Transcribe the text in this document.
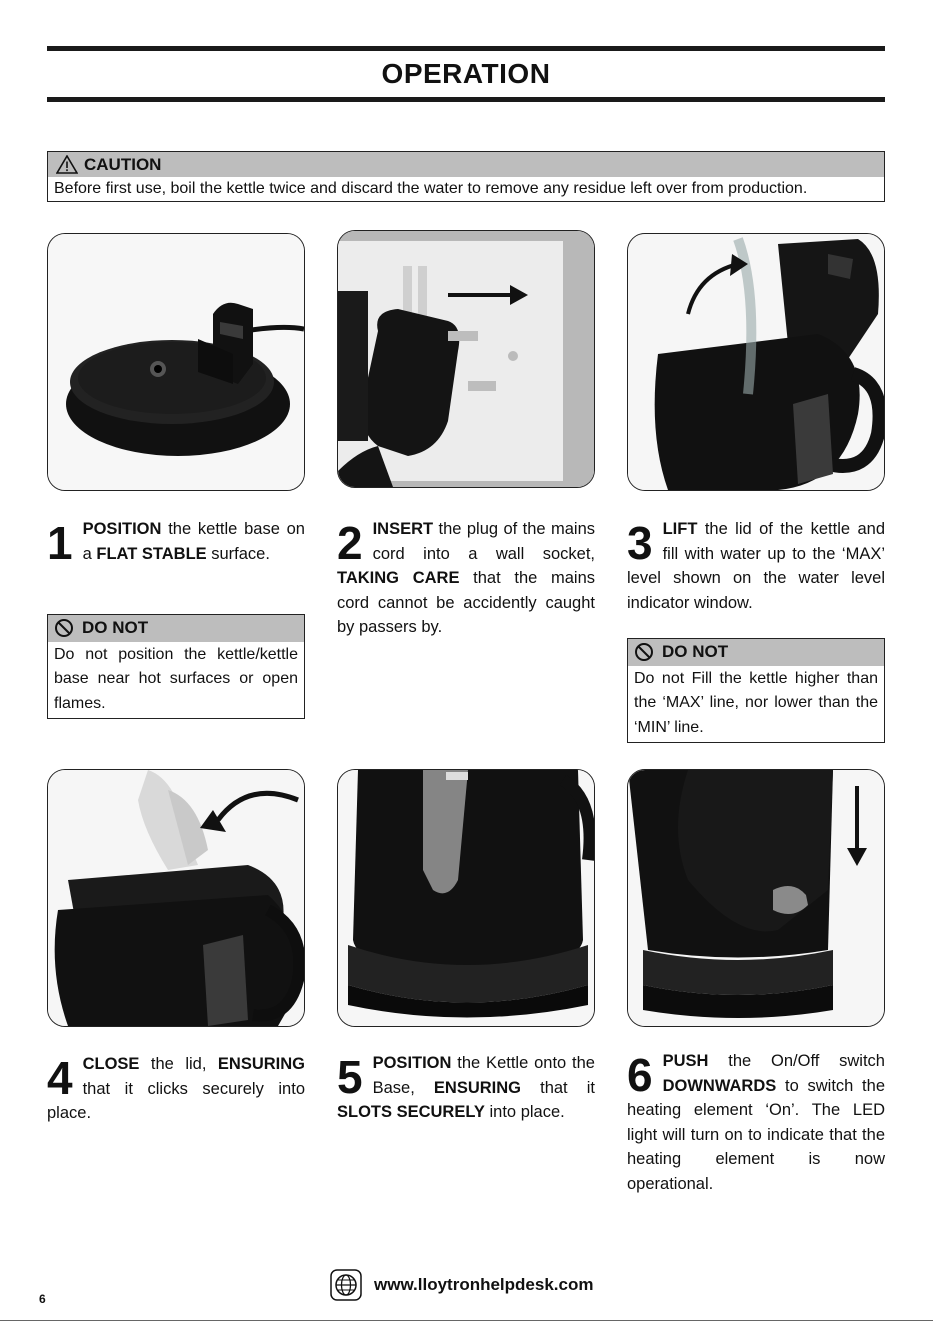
OPERATION
CAUTION
Before first use, boil the kettle twice and discard the water to remove any residue left over from production.
1 POSITION the kettle base on a FLAT STABLE surface.	2 INSERT the plug of the mains cord into a wall socket, TAKING CARE that the mains cord cannot be accidently caught by passers by.
3 LIFT the lid of the kettle and fill with water up to the ‘MAX’ level shown on the water level indicator window.
DO NOT
Do not position the kettle/kettle base near hot surfaces or open flames.
DO NOT
Do not Fill the kettle higher than the ‘MAX’ line, nor lower than the ‘MIN’ line.
4 CLOSE the lid, ENSURING that it clicks securely into place.
5 POSITION the Kettle onto the Base, ENSURING that it SLOTS SECURELY into place.
6 PUSH the On/Off switch DOWNWARDS to switch the heating element ‘On’. The LED light will turn on to indicate that the heating element is now operational.
www.lloytronhelpdesk.com
6
